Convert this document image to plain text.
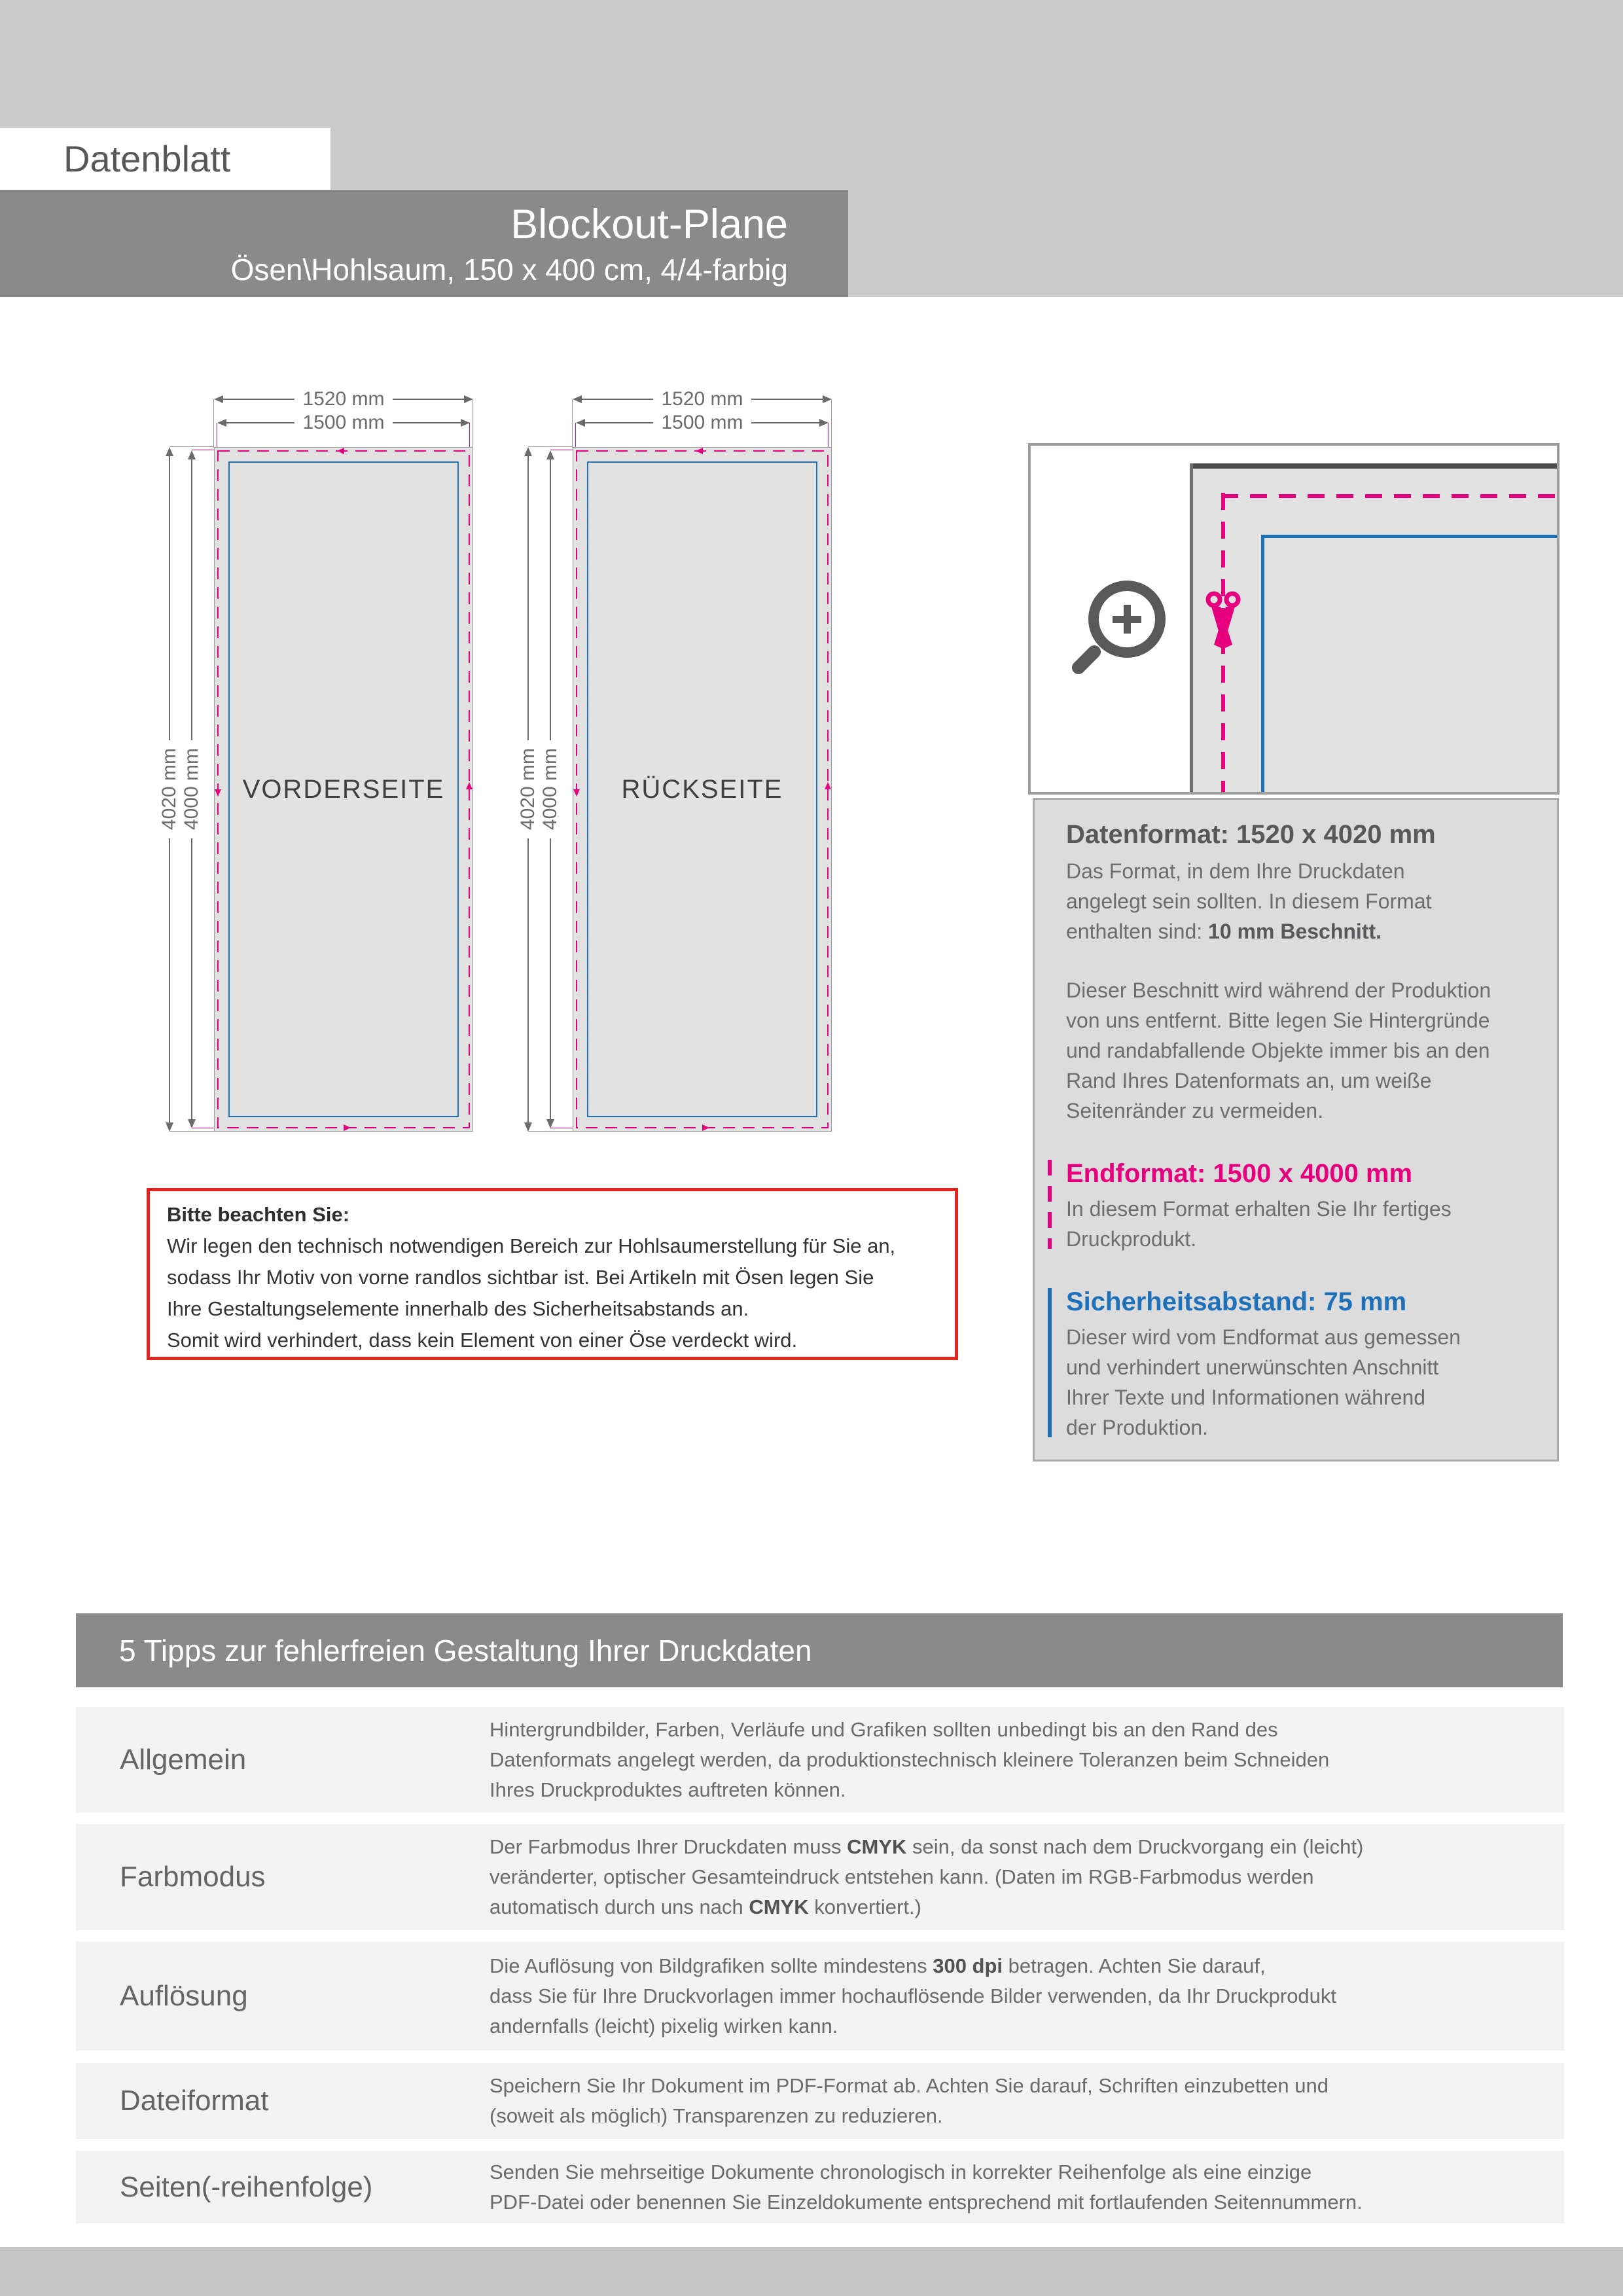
Datenblatt
Blockout-Plane
Ösen\Hohlsaum, 150 x 400 cm, 4/4-farbig
1520 mm
1500 mm
4020 mm 4000 mm	VORDERSEITE
1520 mm
1500 mm
4020 mm 4000 mm	RÜCKSEITE
Bitte beachten Sie:
Wir legen den technisch notwendigen Bereich zur Hohlsaumerstellung für Sie an,
sodass Ihr Motiv von vorne randlos sichtbar ist. Bei Artikeln mit Ösen legen Sie
Ihre Gestaltungselemente innerhalb des Sicherheitsabstands an.
Somit wird verhindert, dass kein Element von einer Öse verdeckt wird.
Datenformat: 1520 x 4020 mm
Das Format, in dem Ihre Druckdaten
angelegt sein sollten. In diesem Format
enthalten sind: 10 mm Beschnitt.
Dieser Beschnitt wird während der Produktion
von uns entfernt. Bitte legen Sie Hintergründe
und randabfallende Objekte immer bis an den
Rand Ihres Datenformats an, um weiße
Seitenränder zu vermeiden.
Endformat: 1500 x 4000 mm
In diesem Format erhalten Sie Ihr fertiges
Druckprodukt.
Sicherheitsabstand: 75 mm
Dieser wird vom Endformat aus gemessen
und verhindert unerwünschten Anschnitt
Ihrer Texte und Informationen während
der Produktion.
5 Tipps zur fehlerfreien Gestaltung Ihrer Druckdaten
Allgemein
Hintergrundbilder, Farben, Verläufe und Grafiken sollten unbedingt bis an den Rand des
Datenformats angelegt werden, da produktionstechnisch kleinere Toleranzen beim Schneiden
Ihres Druckproduktes auftreten können.
Farbmodus
Der Farbmodus Ihrer Druckdaten muss CMYK sein, da sonst nach dem Druckvorgang ein (leicht)
veränderter, optischer Gesamteindruck entstehen kann. (Daten im RGB-Farbmodus werden
automatisch durch uns nach CMYK konvertiert.)
Auflösung
Die Auflösung von Bildgrafiken sollte mindestens 300 dpi betragen. Achten Sie darauf,
dass Sie für Ihre Druckvorlagen immer hochauflösende Bilder verwenden, da Ihr Druckprodukt
andernfalls (leicht) pixelig wirken kann.
Dateiformat	Speichern Sie Ihr Dokument im PDF-Format ab. Achten Sie darauf, Schriften einzubetten und
(soweit als möglich) Transparenzen zu reduzieren.
Seiten(-reihenfolge)	Senden Sie mehrseitige Dokumente chronologisch in korrekter Reihenfolge als eine einzige
PDF-Datei oder benennen Sie Einzeldokumente entsprechend mit fortlaufenden Seitennummern.
